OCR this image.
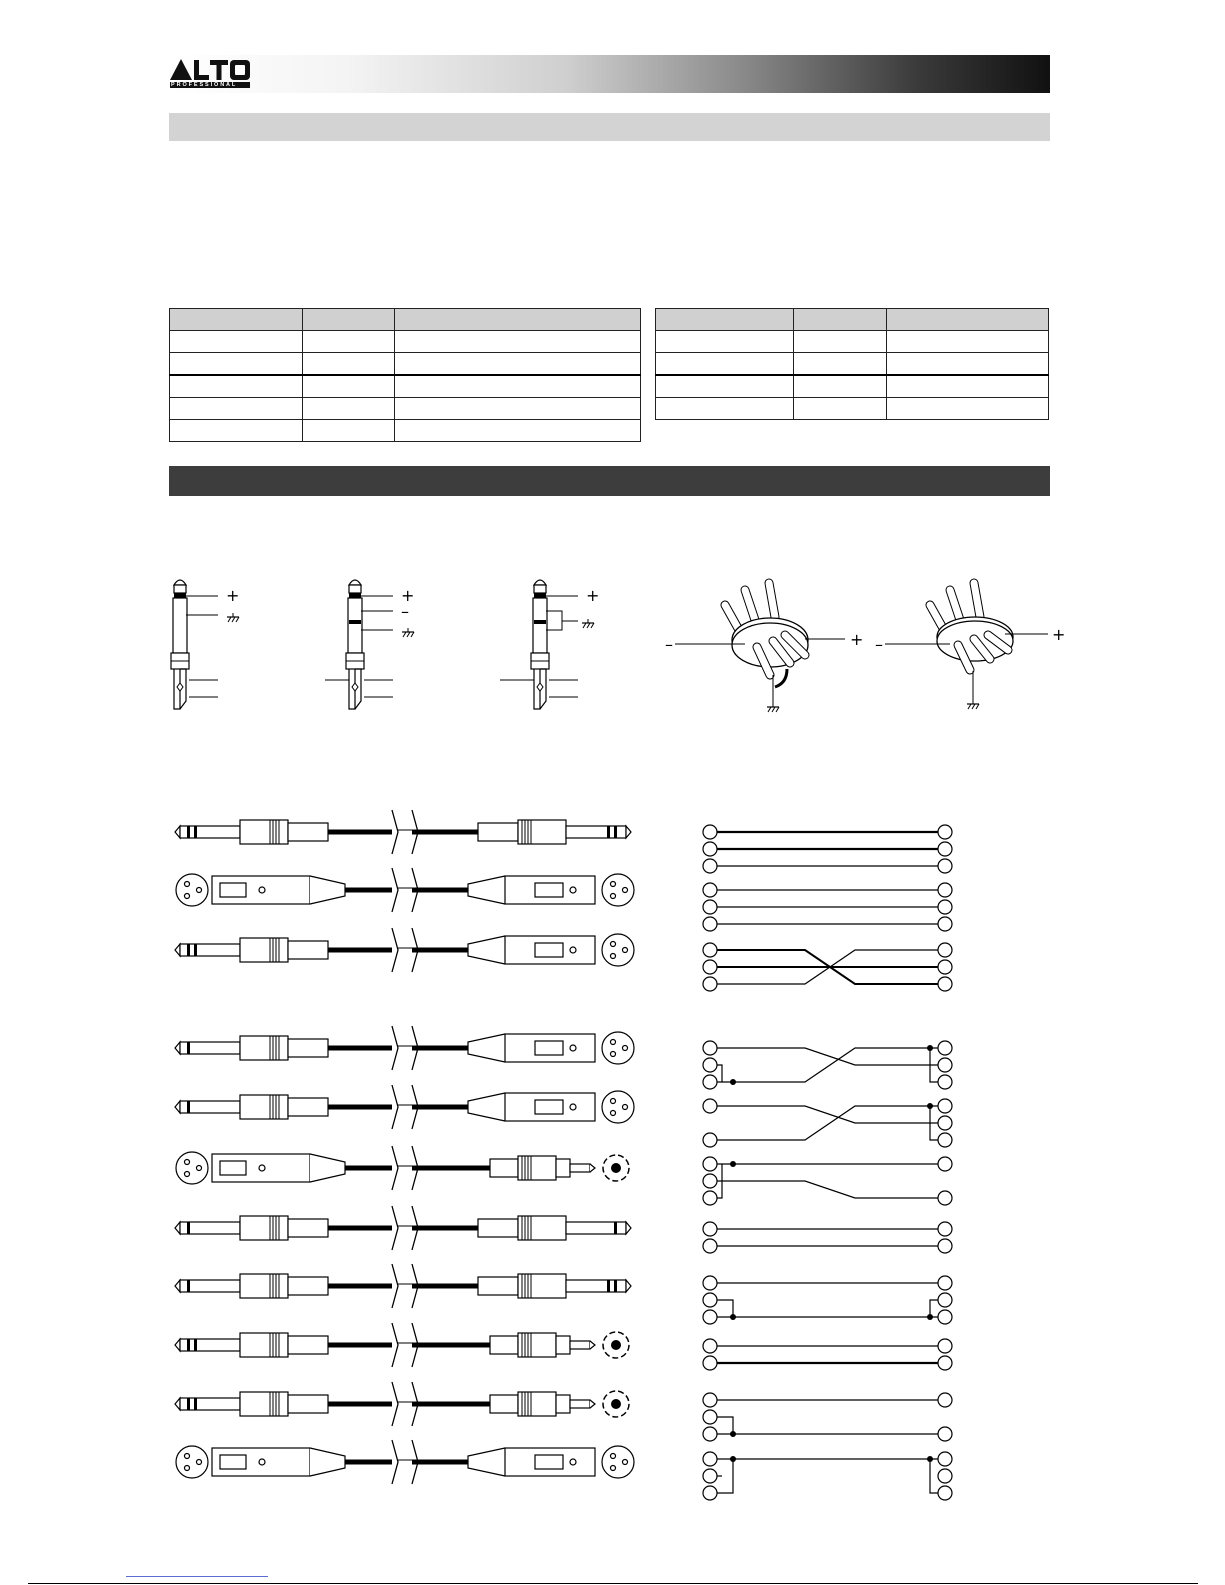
PROFESSIONAL

+	+
–
+
–	+ –
+
